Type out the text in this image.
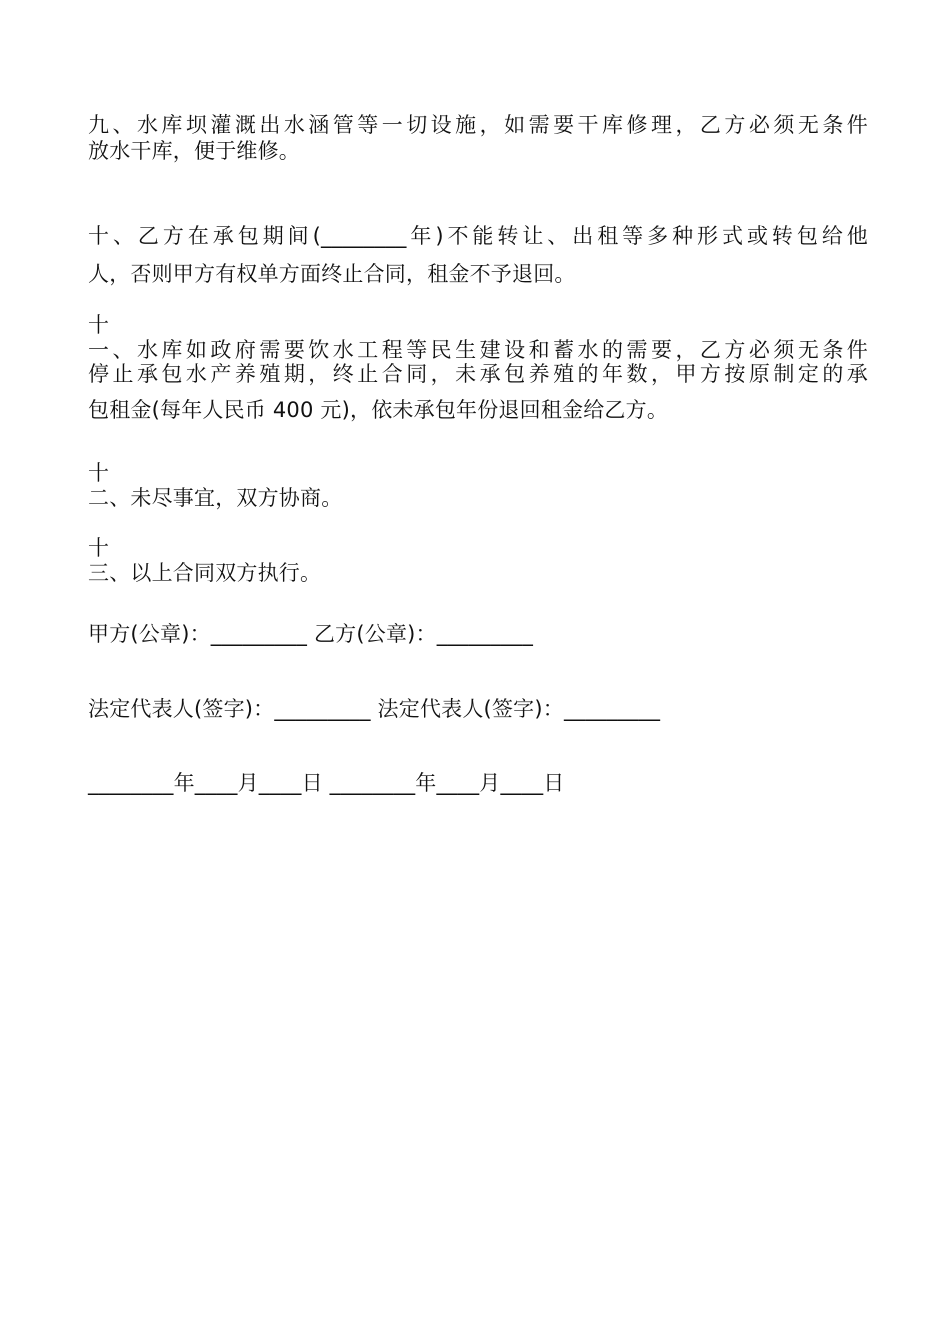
九、水库坝灌溉出水涵管等一切设施，如需要干库修理，乙方必须无条件
放水干库，便于维修。
十、乙方在承包期间(________年)不能转让、出租等多种形式或转包给他
人，否则甲方有权单方面终止合同，租金不予退回。
十
一、水库如政府需要饮水工程等民生建设和蓄水的需要，乙方必须无条件
停止承包水产养殖期，终止合同，未承包养殖的年数，甲方按原制定的承
包租金(每年人民币 400 元)，依未承包年份退回租金给乙方。
十
二、未尽事宜，双方协商。
十
三、以上合同双方执行。
甲方(公章)：_________ 乙方(公章)：_________
法定代表人(签字)：_________ 法定代表人(签字)：_________
________年____月____日 ________年____月____日
